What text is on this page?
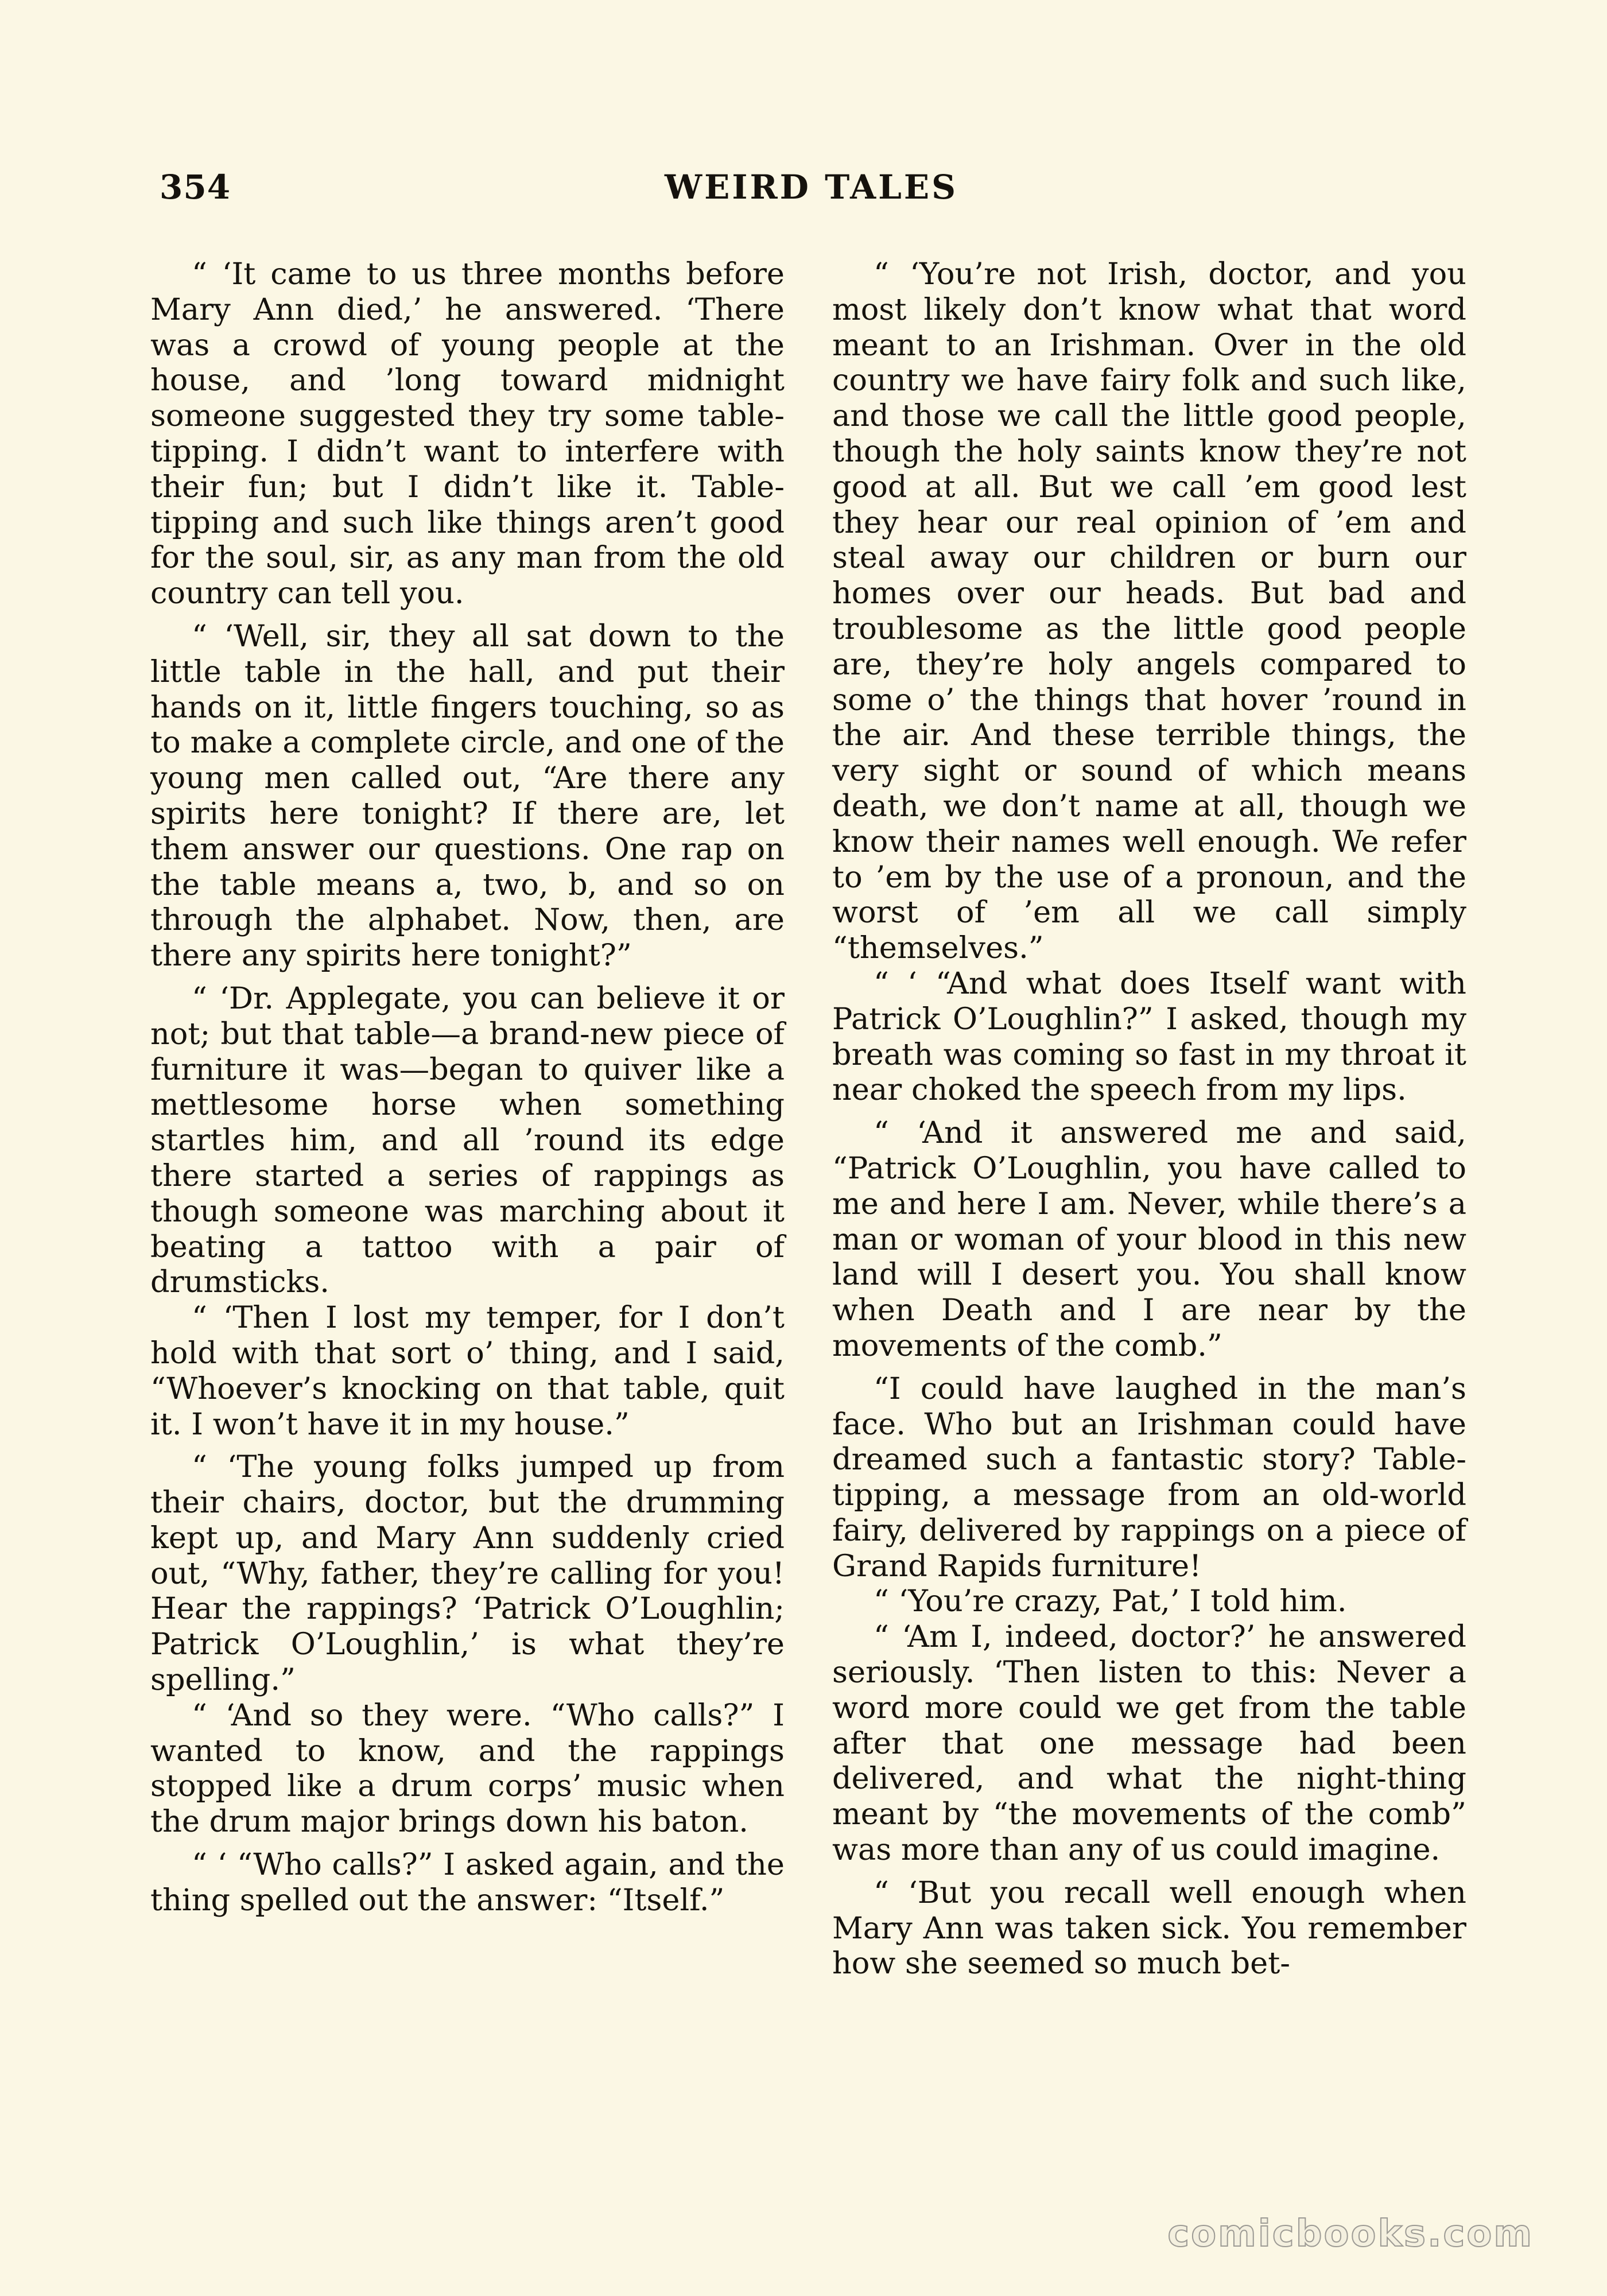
354	WEIRD TALES

“ ‘It came to us three months before Mary Ann died,’ he answered. ‘There was a crowd of young people at the house, and ’long toward midnight someone suggested they try some table-tipping. I didn’t want to interfere with their fun; but I didn’t like it. Table-tipping and such like things aren’t good for the soul, sir, as any man from the old country can tell you.

“ ‘Well, sir, they all sat down to the little table in the hall, and put their hands on it, little fingers touching, so as to make a complete circle, and one of the young men called out, “Are there any spirits here tonight? If there are, let them answer our questions. One rap on the table means a, two, b, and so on through the alphabet. Now, then, are there any spirits here tonight?”

“ ‘Dr. Applegate, you can believe it or not; but that table—a brand-new piece of furniture it was—began to quiver like a mettlesome horse when something startles him, and all ’round its edge there started a series of rappings as though someone was marching about it beating a tattoo with a pair of drumsticks.

“ ‘Then I lost my temper, for I don’t hold with that sort o’ thing, and I said, “Whoever’s knocking on that table, quit it. I won’t have it in my house.”

“ ‘The young folks jumped up from their chairs, doctor, but the drumming kept up, and Mary Ann suddenly cried out, “Why, father, they’re calling for you! Hear the rappings? ‘Patrick O’Loughlin; Patrick O’Loughlin,’ is what they’re spelling.”

“ ‘And so they were. “Who calls?” I wanted to know, and the rappings stopped like a drum corps’ music when the drum major brings down his baton.

“ ‘ “Who calls?” I asked again, and the thing spelled out the answer: “Itself.”

“ ‘You’re not Irish, doctor, and you most likely don’t know what that word meant to an Irishman. Over in the old country we have fairy folk and such like, and those we call the little good people, though the holy saints know they’re not good at all. But we call ’em good lest they hear our real opinion of ’em and steal away our children or burn our homes over our heads. But bad and troublesome as the little good people are, they’re holy angels compared to some o’ the things that hover ’round in the air. And these terrible things, the very sight or sound of which means death, we don’t name at all, though we know their names well enough. We refer to ’em by the use of a pronoun, and the worst of ’em all we call simply “themselves.”

“ ‘ “And what does Itself want with Patrick O’Loughlin?” I asked, though my breath was coming so fast in my throat it near choked the speech from my lips.

“ ‘And it answered me and said, “Patrick O’Loughlin, you have called to me and here I am. Never, while there’s a man or woman of your blood in this new land will I desert you. You shall know when Death and I are near by the movements of the comb.”

“I could have laughed in the man’s face. Who but an Irishman could have dreamed such a fantastic story? Table-tipping, a message from an old-world fairy, delivered by rappings on a piece of Grand Rapids furniture!

“ ‘You’re crazy, Pat,’ I told him.

“ ‘Am I, indeed, doctor?’ he answered seriously. ‘Then listen to this: Never a word more could we get from the table after that one message had been delivered, and what the night-thing meant by “the movements of the comb” was more than any of us could imagine.

“ ‘But you recall well enough when Mary Ann was taken sick. You remember how she seemed so much bet-

comicbooks.com
